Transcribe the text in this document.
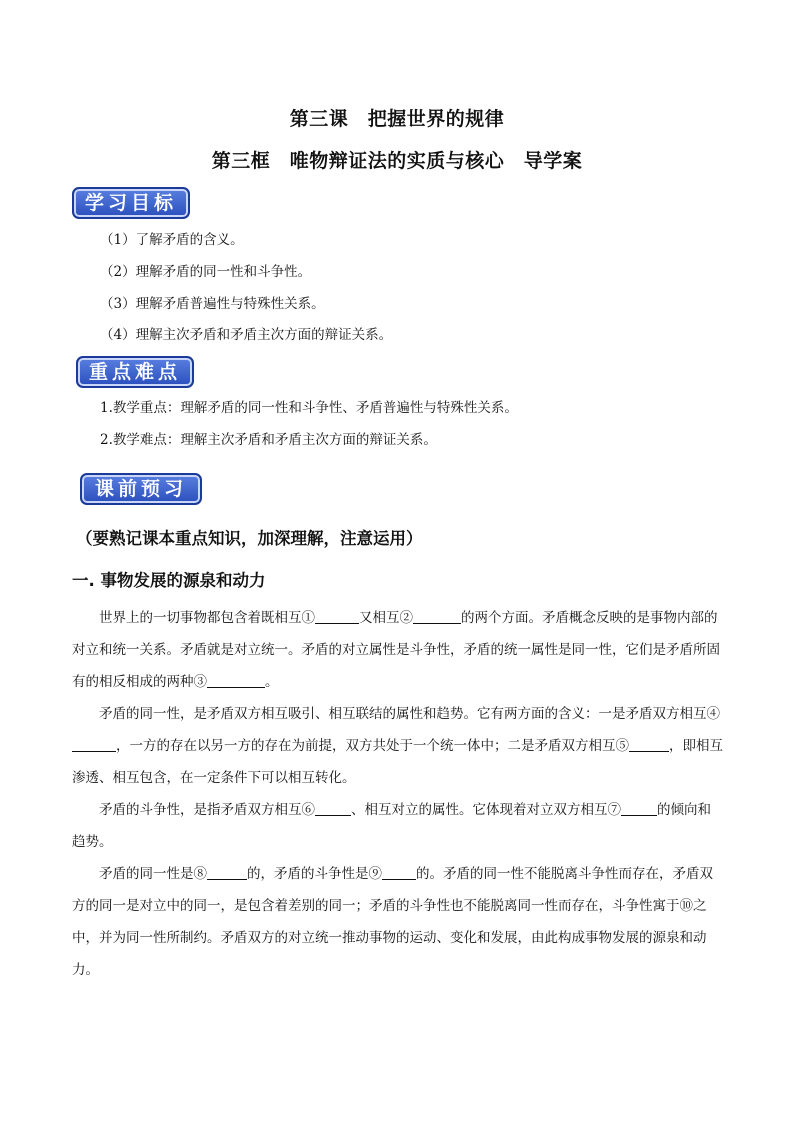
第三课　把握世界的规律
第三框　唯物辩证法的实质与核心　导学案
学习目标
（1）了解矛盾的含义。
（2）理解矛盾的同一性和斗争性。
（3）理解矛盾普遍性与特殊性关系。
（4）理解主次矛盾和矛盾主次方面的辩证关系。
重点难点
1.教学重点：理解矛盾的同一性和斗争性、矛盾普遍性与特殊性关系。
2.教学难点：理解主次矛盾和矛盾主次方面的辩证关系。
课前预习
（要熟记课本重点知识，加深理解，注意运用）
一. 事物发展的源泉和动力
世界上的一切事物都包含着既相互①	又相互②	的两个方面。矛盾概念反映的是事物内部的对立和统一关系。矛盾就是对立统一。矛盾的对立属性是斗争性，矛盾的统一属性是同一性，它们是矛盾所固有的相反相成的两种③	。
矛盾的同一性，是矛盾双方相互吸引、相互联结的属性和趋势。它有两方面的含义：一是矛盾双方相互④，一方的存在以另一方的存在为前提，双方共处于一个统一体中；二是矛盾双方相互⑤	，即相互渗透、相互包含，在一定条件下可以相互转化。
矛盾的斗争性，是指矛盾双方相互⑥	、相互对立的属性。它体现着对立双方相互⑦	的倾向和趋势。
矛盾的同一性是⑧	的，矛盾的斗争性是⑨	的。矛盾的同一性不能脱离斗争性而存在，矛盾双方的同一是对立中的同一，是包含着差别的同一；矛盾的斗争性也不能脱离同一性而存在，斗争性寓于⑩之中，并为同一性所制约。矛盾双方的对立统一推动事物的运动、变化和发展，由此构成事物发展的源泉和动力。
